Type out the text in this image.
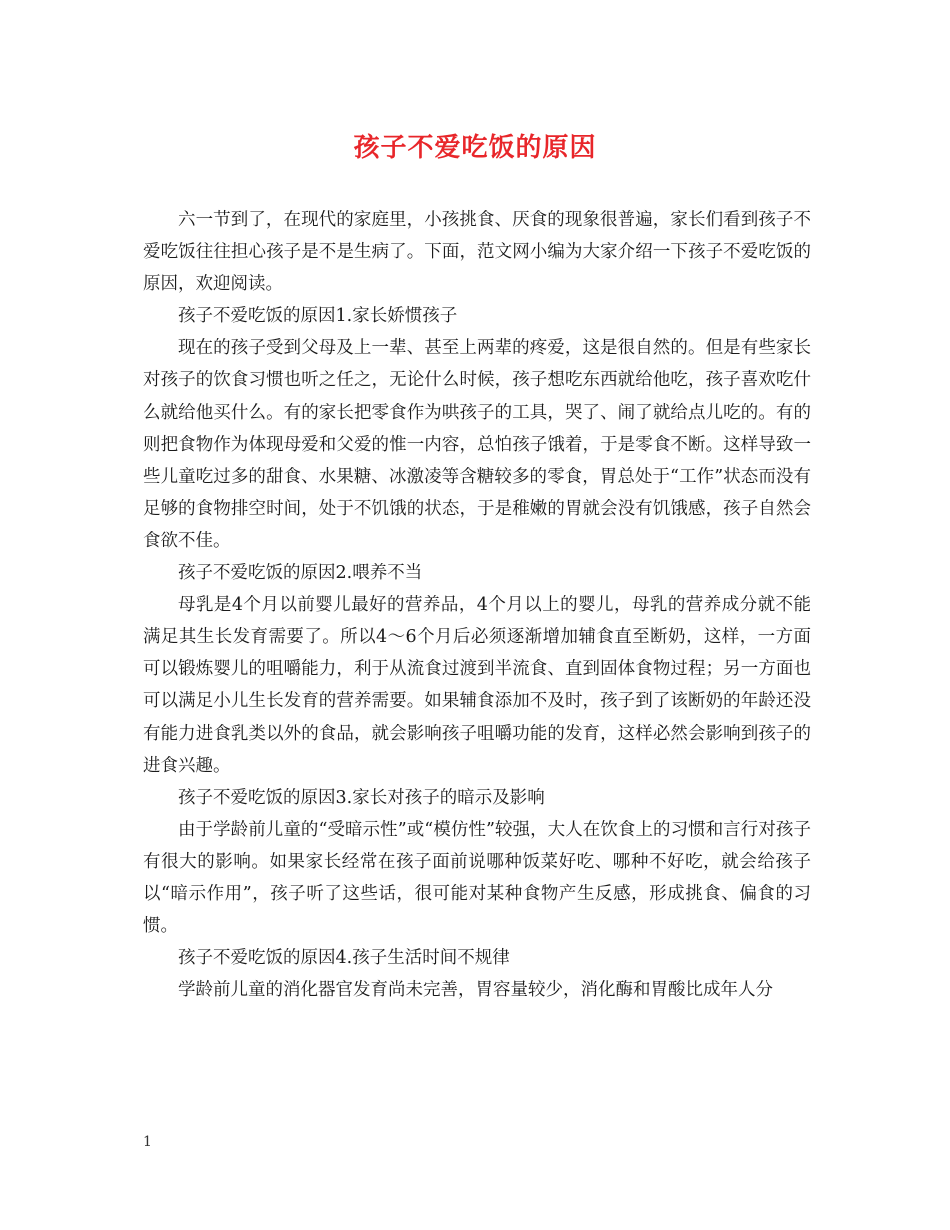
孩子不爱吃饭的原因

六一节到了，在现代的家庭里，小孩挑食、厌食的现象很普遍，家长们看到孩子不爱吃饭往往担心孩子是不是生病了。下面，范文网小编为大家介绍一下孩子不爱吃饭的原因，欢迎阅读。

孩子不爱吃饭的原因1.家长娇惯孩子

现在的孩子受到父母及上一辈、甚至上两辈的疼爱，这是很自然的。但是有些家长对孩子的饮食习惯也听之任之，无论什么时候，孩子想吃东西就给他吃，孩子喜欢吃什么就给他买什么。有的家长把零食作为哄孩子的工具，哭了、闹了就给点儿吃的。有的则把食物作为体现母爱和父爱的惟一内容，总怕孩子饿着，于是零食不断。这样导致一些儿童吃过多的甜食、水果糖、冰激凌等含糖较多的零食，胃总处于“工作”状态而没有足够的食物排空时间，处于不饥饿的状态，于是稚嫩的胃就会没有饥饿感，孩子自然会食欲不佳。

孩子不爱吃饭的原因2.喂养不当

母乳是4个月以前婴儿最好的营养品，4个月以上的婴儿，母乳的营养成分就不能满足其生长发育需要了。所以4～6个月后必须逐渐增加辅食直至断奶，这样，一方面可以锻炼婴儿的咀嚼能力，利于从流食过渡到半流食、直到固体食物过程；另一方面也可以满足小儿生长发育的营养需要。如果辅食添加不及时，孩子到了该断奶的年龄还没有能力进食乳类以外的食品，就会影响孩子咀嚼功能的发育，这样必然会影响到孩子的进食兴趣。

孩子不爱吃饭的原因3.家长对孩子的暗示及影响

由于学龄前儿童的“受暗示性”或“模仿性”较强，大人在饮食上的习惯和言行对孩子有很大的影响。如果家长经常在孩子面前说哪种饭菜好吃、哪种不好吃，就会给孩子以“暗示作用”，孩子听了这些话，很可能对某种食物产生反感，形成挑食、偏食的习惯。

孩子不爱吃饭的原因4.孩子生活时间不规律

学龄前儿童的消化器官发育尚未完善，胃容量较少，消化酶和胃酸比成年人分

1
